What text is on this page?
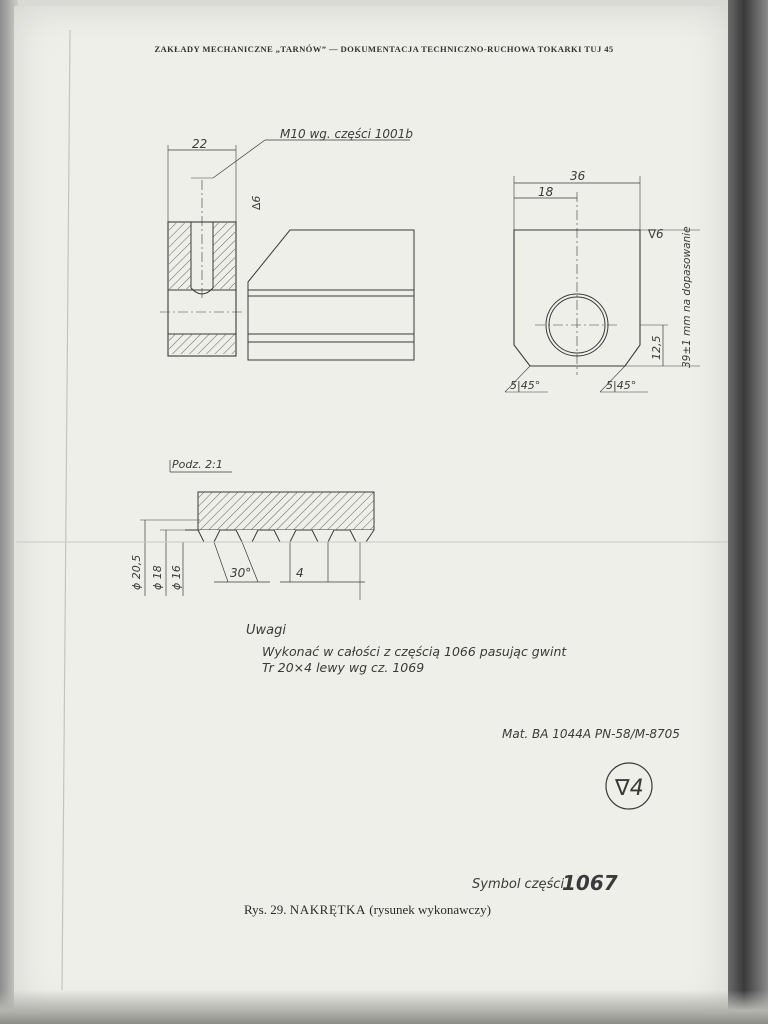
ZAKŁADY MECHANICZNE „TARNÓW” — DOKUMENTACJA TECHNICZNO-RUCHOWA TOKARKI TUJ 45
22
M10 wg. części 1001b
∆6
36
18
∇6
12,5 39±1 mm na dopasowanie
5|45°	5|45°
Podz. 2:1
ϕ 20,5 ϕ 18 ϕ 16	30°	4
Uwagi
Wykonać w całości z częścią 1066 pasując gwint
Tr 20×4 lewy wg cz. 1069
Mat. BA 1044A PN-58/M-8705
∇4
Symbol części
1067
Rys. 29. NAKRĘTKA (rysunek wykonawczy)
